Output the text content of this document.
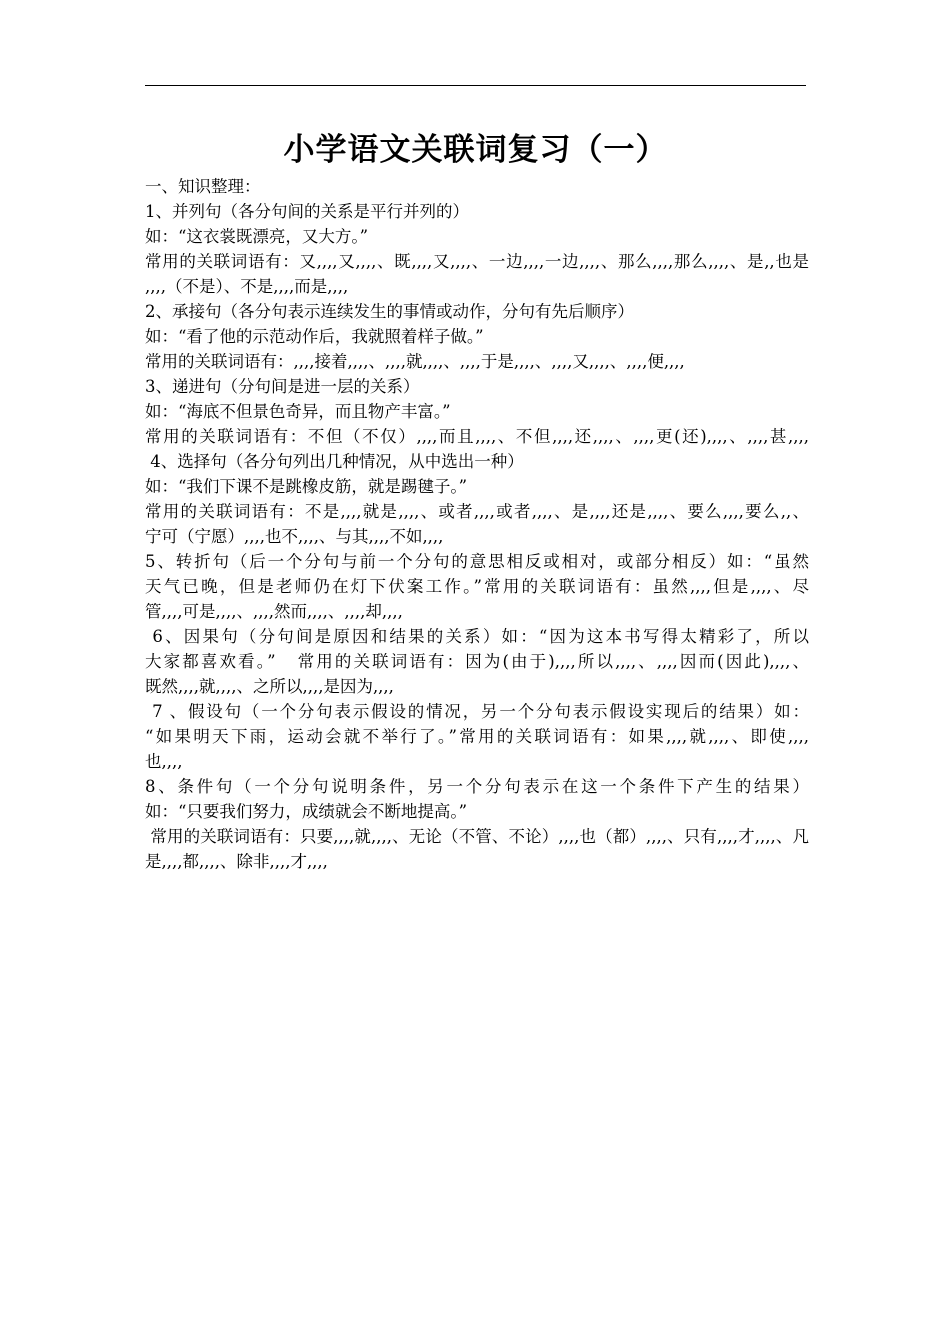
小学语文关联词复习（一）
一、知识整理：
1、并列句（各分句间的关系是平行并列的）
如：“这衣裳既漂亮，又大方。”
常用的关联词语有：又,,,,又,,,,、既,,,,又,,,,、一边,,,,一边,,,,、那么,,,,那么,,,,、是,,也是
,,,,（不是）、不是,,,,而是,,,,
2、承接句（各分句表示连续发生的事情或动作，分句有先后顺序）
如：“看了他的示范动作后，我就照着样子做。”
常用的关联词语有：,,,,接着,,,,、,,,,就,,,,、,,,,于是,,,,、,,,,又,,,,、,,,,便,,,,
3、递进句（分句间是进一层的关系）
如：“海底不但景色奇异，而且物产丰富。”
常用的关联词语有：不但（不仅）,,,,而且,,,,、不但,,,,还,,,,、,,,,更(还),,,,、,,,,甚,,,,
4、选择句（各分句列出几种情况，从中选出一种）
如：“我们下课不是跳橡皮筋，就是踢毽子。”
常用的关联词语有：不是,,,,就是,,,,、或者,,,,或者,,,,、是,,,,还是,,,,、要么,,,,要么,,、
宁可（宁愿）,,,,也不,,,,、与其,,,,不如,,,,
5、转折句（后一个分句与前一个分句的意思相反或相对，或部分相反）如：“虽然
天气已晚，但是老师仍在灯下伏案工作。”常用的关联词语有：虽然,,,,但是,,,,、尽
管,,,,可是,,,,、,,,,然而,,,,、,,,,却,,,,
6、因果句（分句间是原因和结果的关系）如：“因为这本书写得太精彩了，所以
大家都喜欢看。”   常用的关联词语有：因为(由于),,,,所以,,,,、,,,,因而(因此),,,,、
既然,,,,就,,,,、之所以,,,,是因为,,,,
7 、假设句（一个分句表示假设的情况，另一个分句表示假设实现后的结果）如：
“如果明天下雨，运动会就不举行了。”常用的关联词语有：如果,,,,就,,,,、即使,,,,
也,,,,
8、条件句（一个分句说明条件，另一个分句表示在这一个条件下产生的结果）
如：“只要我们努力，成绩就会不断地提高。”
常用的关联词语有：只要,,,,就,,,,、无论（不管、不论）,,,,也（都）,,,,、只有,,,,才,,,,、凡
是,,,,都,,,,、除非,,,,才,,,,
